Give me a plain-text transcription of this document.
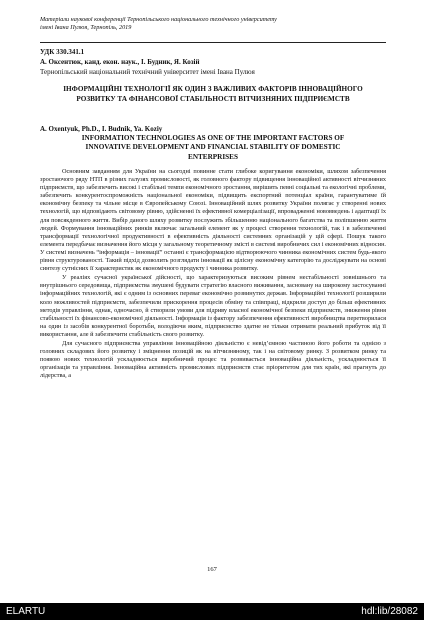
Матеріали наукової конференції Тернопільського національного технічного університету
імені Івана Пулюя, Тернопіль, 2019
УДК 330.341.1
А. Оксентюк, канд. екон. наук., І. Будник, Я. Козій
Тернопільський національний технічний університет імені Івана Пулюя
ІНФОРМАЦІЙНІ ТЕХНОЛОГІЇ ЯК ОДИН З ВАЖЛИВИХ ФАКТОРІВ ІННОВАЦІЙНОГО РОЗВИТКУ ТА ФІНАНСОВОЇ СТАБІЛЬНОСТІ ВІТЧИЗНЯНИХ ПІДПРИЄМСТВ
A. Oxentyuk, Ph.D., I. Budnik, Ya. Koziy
INFORMATION TECHNOLOGIES AS ONE OF THE IMPORTANT FACTORS OF INNOVATIVE DEVELOPMENT AND FINANCIAL STABILITY OF DOMESTIC ENTERPRISES

Основним завданням для України на сьогодні повинне стати глибоке коригування економіки, шляхом забезпечення зростаючого ряду НТП в різних галузях промисловості, як головного фактору підвищення інноваційної активності вітчизняних підприємств, що забезпечить високі і стабільні темпи економічного зростання, вирішить певні соціальні та екологічні проблеми, забезпечить конкурентоспроможність національної економіки, підвищить експортний потенціал країни, гарантуватиме їй економічну безпеку та чільне місце в Європейському Союзі. Інноваційний шлях розвитку України полягає у створенні нових технологій, що відповідають світовому рівню, здійсненні їх ефективної комерціалізації, впровадженні нововведень і адаптації їх для повсякденного життя. Вибір даного шляху розвитку послужить збільшенню національного багатства та поліпшенню життя людей. Формування інноваційних ринків включає загальний елемент як у процесі створення технологій, так і в забезпеченні трансформації технологічної продуктивності в ефективність діяльності системних організацій у цій сфері. Пошук такого елемента передбачає визначення його місця у загальному теоретичному змісті в системі виробничих сил і економічних відносин. У системі визначень “інформація – інновації” останні є трансформацією відтворюючого чинника економічних систем будь-якого рівня структурованості. Такий підхід дозволить розглядати інновації як цілісну економічну категорію та досліджувати на основі синтезу сутнісних її характеристик як економічного продукту і чинника розвитку.

У реаліях сучасної української дійсності, що характеризуються високим рівнем нестабільності зовнішнього та внутрішнього середовища, підприємства змушені будувати стратегію власного виживання, засновану на широкому застосуванні інформаційних технологій, які є одним із основних переваг економічно розвинутих держав. Інформаційні технології розширили коло можливостей підприємств, забезпечили прискорення процесів обміну та співпраці, відкрили доступ до більш ефективних методів управління, однак, одночасно, й створили умови для підриву власної економічної безпеки підприємств, зниження рівня стабільності їх фінансово-економічної діяльності. Інформація із фактору забезпечення ефективності виробництва перетворилася на один із засобів конкурентної боротьби, володіючи яким, підприємство здатне не тільки отримати реальний прибуток від її використання, але й забезпечити стабільність свого розвитку.

Для сучасного підприємства управління інноваційною діяльністю є невід’ємною частиною його роботи та однією з головних складових його розвитку і зміцнення позицій як на вітчизняному, так і на світовому ринку. З розвитком ринку та появою нових технологій ускладнюється виробничий процес та розвивається інноваційна діяльність, ускладнюється її організація та управління. Інноваційна активність промислових підприємств стає пріоритетом для тих країн, які прагнуть до лідерства, а

167
ELARTU	hdl:lib/28082
